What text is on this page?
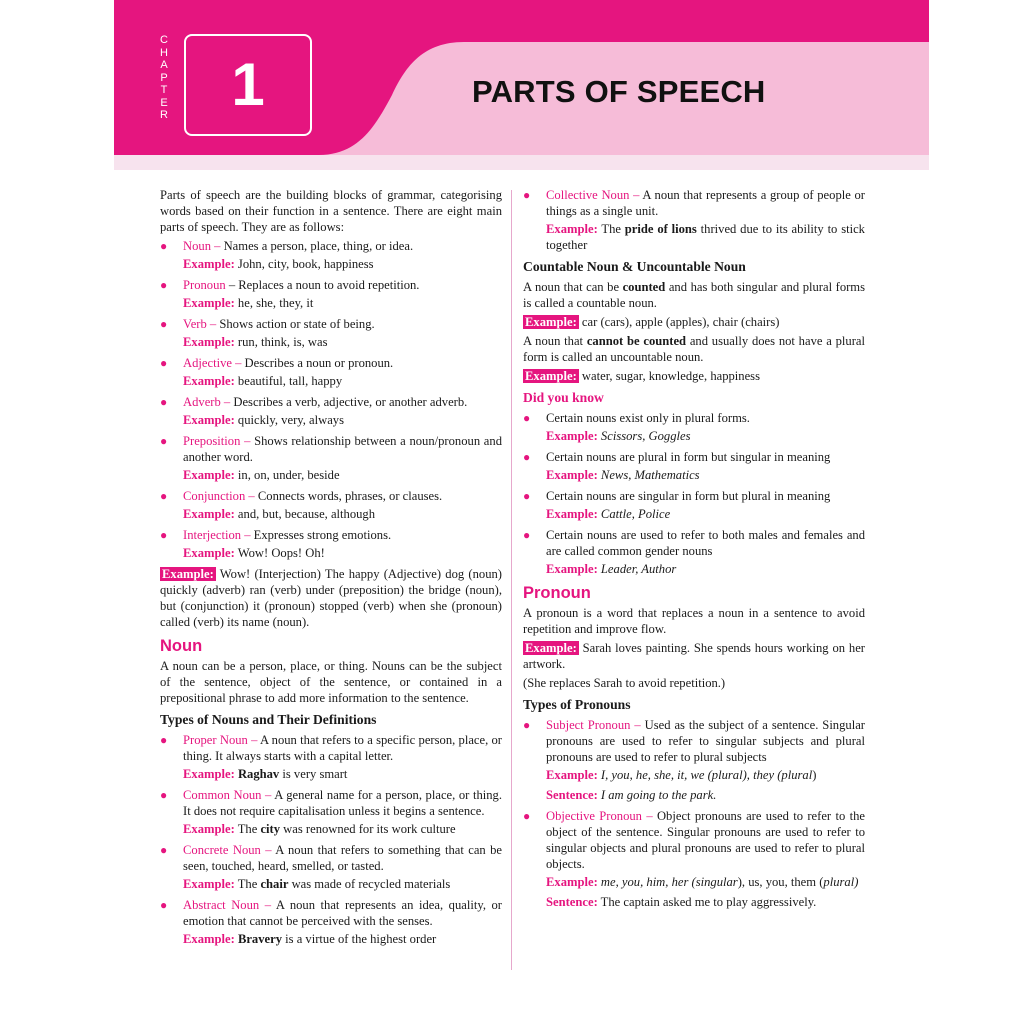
C
H
A
P
T
E
R	1	PARTS OF SPEECH

Parts of speech are the building blocks of grammar, categorising words based on their function in a sentence. There are eight main parts of speech. They are as follows:

● Noun – Names a person, place, thing, or idea.
Example: John, city, book, happiness
● Pronoun – Replaces a noun to avoid repetition.
Example: he, she, they, it
● Verb – Shows action or state of being.
Example: run, think, is, was
● Adjective – Describes a noun or pronoun.
Example: beautiful, tall, happy
● Adverb – Describes a verb, adjective, or another adverb.
Example: quickly, very, always
● Preposition – Shows relationship between a noun/pronoun and another word.
Example: in, on, under, beside
● Conjunction – Connects words, phrases, or clauses.
Example: and, but, because, although
● Interjection – Expresses strong emotions.
Example: Wow! Oops! Oh!

Example: Wow! (Interjection) The happy (Adjective) dog (noun) quickly (adverb) ran (verb) under (preposition) the bridge (noun), but (conjunction) it (pronoun) stopped (verb) when she (pronoun) called (verb) its name (noun).

Noun

A noun can be a person, place, or thing. Nouns can be the subject of the sentence, object of the sentence, or contained in a prepositional phrase to add more information to the sentence.

Types of Nouns and Their Definitions
● Proper Noun – A noun that refers to a specific person, place, or thing. It always starts with a capital letter.
Example: Raghav is very smart
● Common Noun – A general name for a person, place, or thing. It does not require capitalisation unless it begins a sentence.
Example: The city was renowned for its work culture
● Concrete Noun – A noun that refers to something that can be seen, touched, heard, smelled, or tasted.
Example: The chair was made of recycled materials
● Abstract Noun – A noun that represents an idea, quality, or emotion that cannot be perceived with the senses.
Example: Bravery is a virtue of the highest order
● Collective Noun – A noun that represents a group of people or things as a single unit.
Example: The pride of lions thrived due to its ability to stick together
Countable Noun & Uncountable Noun

A noun that can be counted and has both singular and plural forms is called a countable noun.

Example: car (cars), apple (apples), chair (chairs)

A noun that cannot be counted and usually does not have a plural form is called an uncountable noun.

Example: water, sugar, knowledge, happiness

Did you know
● Certain nouns exist only in plural forms.
Example: Scissors, Goggles
● Certain nouns are plural in form but singular in meaning
Example: News, Mathematics
● Certain nouns are singular in form but plural in meaning
Example: Cattle, Police
● Certain nouns are used to refer to both males and females and are called common gender nouns
Example: Leader, Author
Pronoun

A pronoun is a word that replaces a noun in a sentence to avoid repetition and improve flow.

Example: Sarah loves painting. She spends hours working on her artwork.

(She replaces Sarah to avoid repetition.)

Types of Pronouns
● Subject Pronoun – Used as the subject of a sentence. Singular pronouns are used to refer to singular subjects and plural pronouns are used to refer to plural subjects
Example: I, you, he, she, it, we (plural), they (plural)
Sentence: I am going to the park.
● Objective Pronoun – Object pronouns are used to refer to the object of the sentence. Singular pronouns are used to refer to singular objects and plural pronouns are used to refer to plural objects.
Example: me, you, him, her (singular), us, you, them (plural)
Sentence: The captain asked me to play aggressively.
